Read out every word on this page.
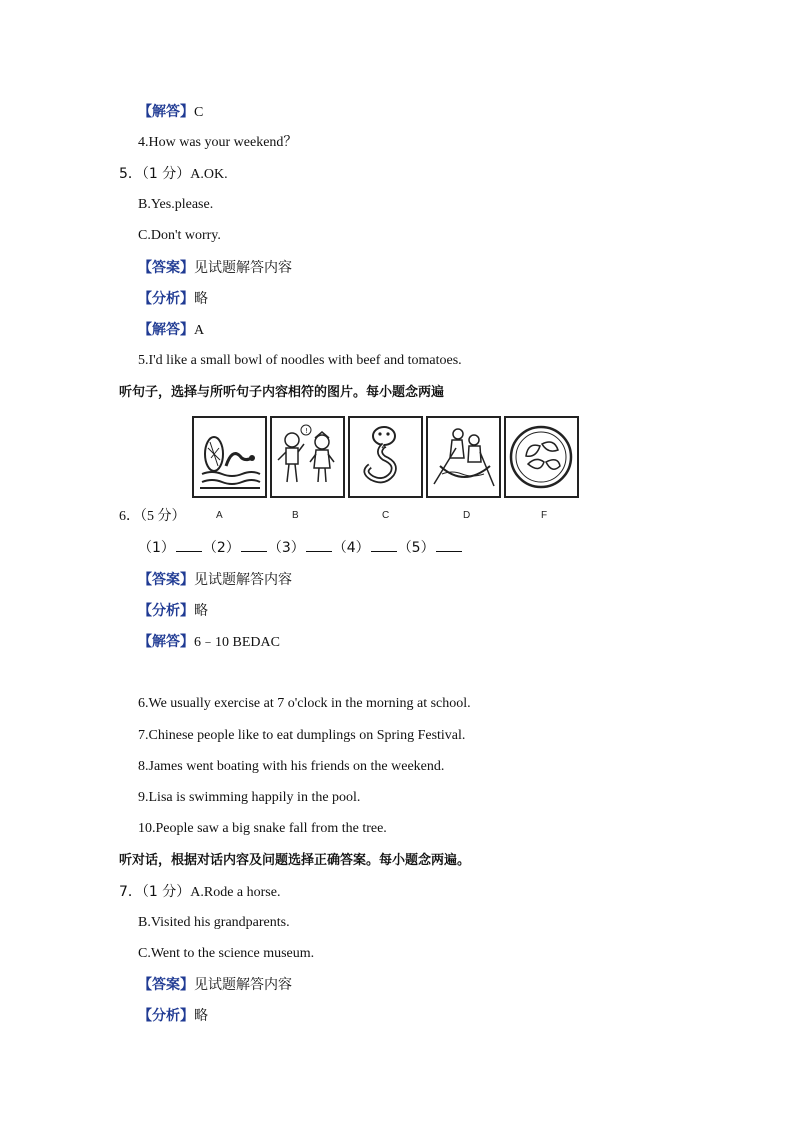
【解答】C
4.How was your weekend？
5．（1 分）A.OK.
B.Yes.please.
C.Don't worry.
【答案】见试题解答内容
【分析】略
【解答】A
5.I'd like a small bowl of noodles with beef and tomatoes.
听句子，选择与所听句子内容相符的图片。每小题念两遍
!
A	B	C	D	F
6．（5 分）
（1） （2） （3） （4） （5）
【答案】见试题解答内容
【分析】略
【解答】6﹣10 BEDAC
6.We usually exercise at 7 o'clock in the morning at school.
7.Chinese people like to eat dumplings on Spring Festival.
8.James went boating with his friends on the weekend.
9.Lisa is swimming happily in the pool.
10.People saw a big snake fall from the tree.
听对话，根据对话内容及问题选择正确答案。每小题念两遍。
7．（1 分）A.Rode a horse.
B.Visited his grandparents.
C.Went to the science museum.
【答案】见试题解答内容
【分析】略
